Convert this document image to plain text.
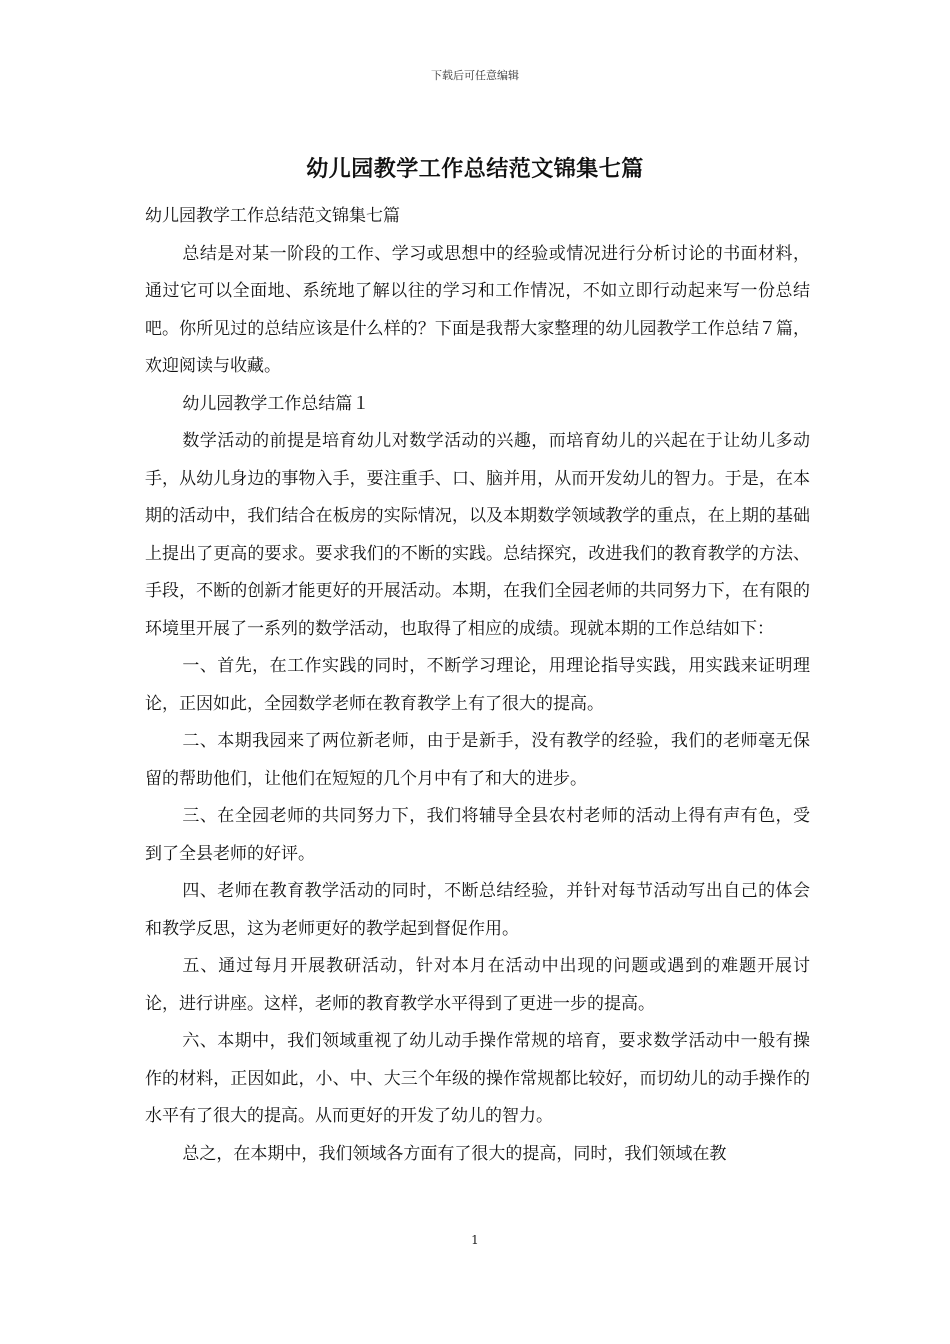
下载后可任意编辑
幼儿园教学工作总结范文锦集七篇

幼儿园教学工作总结范文锦集七篇

总结是对某一阶段的工作、学习或思想中的经验或情况进行分析讨论的书面材料，通过它可以全面地、系统地了解以往的学习和工作情况，不如立即行动起来写一份总结吧。你所见过的总结应该是什么样的？下面是我帮大家整理的幼儿园教学工作总结７篇，欢迎阅读与收藏。

幼儿园教学工作总结篇１

数学活动的前提是培育幼儿对数学活动的兴趣，而培育幼儿的兴起在于让幼儿多动手，从幼儿身边的事物入手，要注重手、口、脑并用，从而开发幼儿的智力。于是，在本期的活动中，我们结合在板房的实际情况，以及本期数学领域教学的重点，在上期的基础上提出了更高的要求。要求我们的不断的实践。总结探究，改进我们的教育教学的方法、手段，不断的创新才能更好的开展活动。本期，在我们全园老师的共同努力下，在有限的环境里开展了一系列的数学活动，也取得了相应的成绩。现就本期的工作总结如下：

一、首先，在工作实践的同时，不断学习理论，用理论指导实践，用实践来证明理论，正因如此，全园数学老师在教育教学上有了很大的提高。

二、本期我园来了两位新老师，由于是新手，没有教学的经验，我们的老师毫无保留的帮助他们，让他们在短短的几个月中有了和大的进步。

三、在全园老师的共同努力下，我们将辅导全县农村老师的活动上得有声有色，受到了全县老师的好评。

四、老师在教育教学活动的同时，不断总结经验，并针对每节活动写出自己的体会和教学反思，这为老师更好的教学起到督促作用。

五、通过每月开展教研活动，针对本月在活动中出现的问题或遇到的难题开展讨论，进行讲座。这样，老师的教育教学水平得到了更进一步的提高。

六、本期中，我们领域重视了幼儿动手操作常规的培育，要求数学活动中一般有操作的材料，正因如此，小、中、大三个年级的操作常规都比较好，而切幼儿的动手操作的水平有了很大的提高。从而更好的开发了幼儿的智力。

总之，在本期中，我们领域各方面有了很大的提高，同时，我们领域在教

1
